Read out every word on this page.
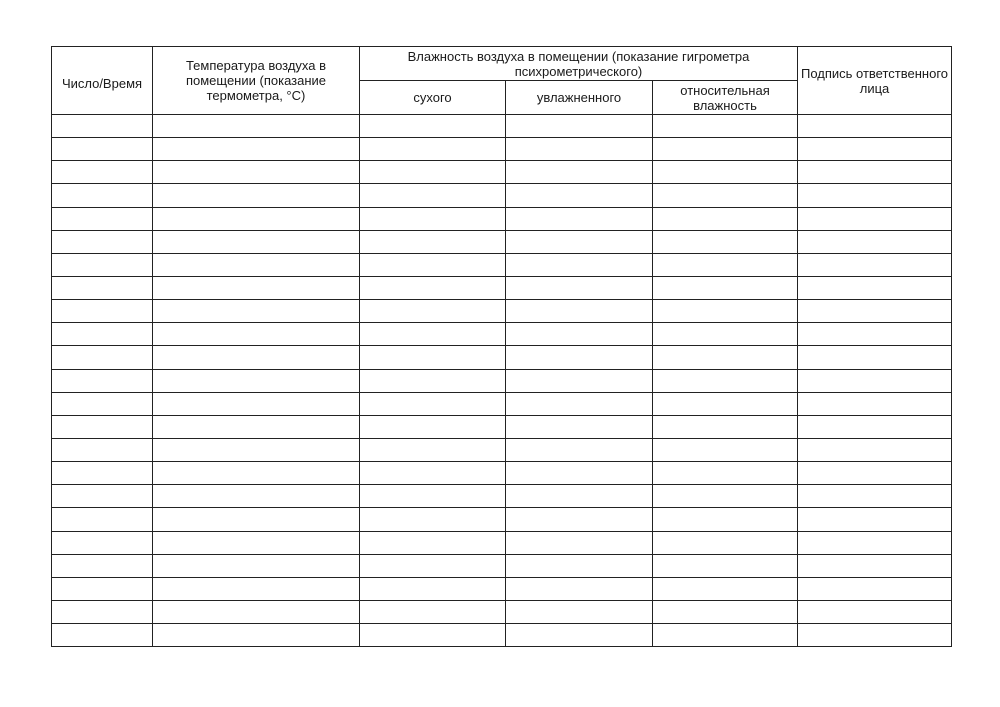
Число/Время	Температура воздуха в помещении (показание термометра, °С)	Влажность воздуха в помещении (показание гигрометра психрометрического)			Подпись ответственного лица
		сухого	увлажненного	относительная влажность	
